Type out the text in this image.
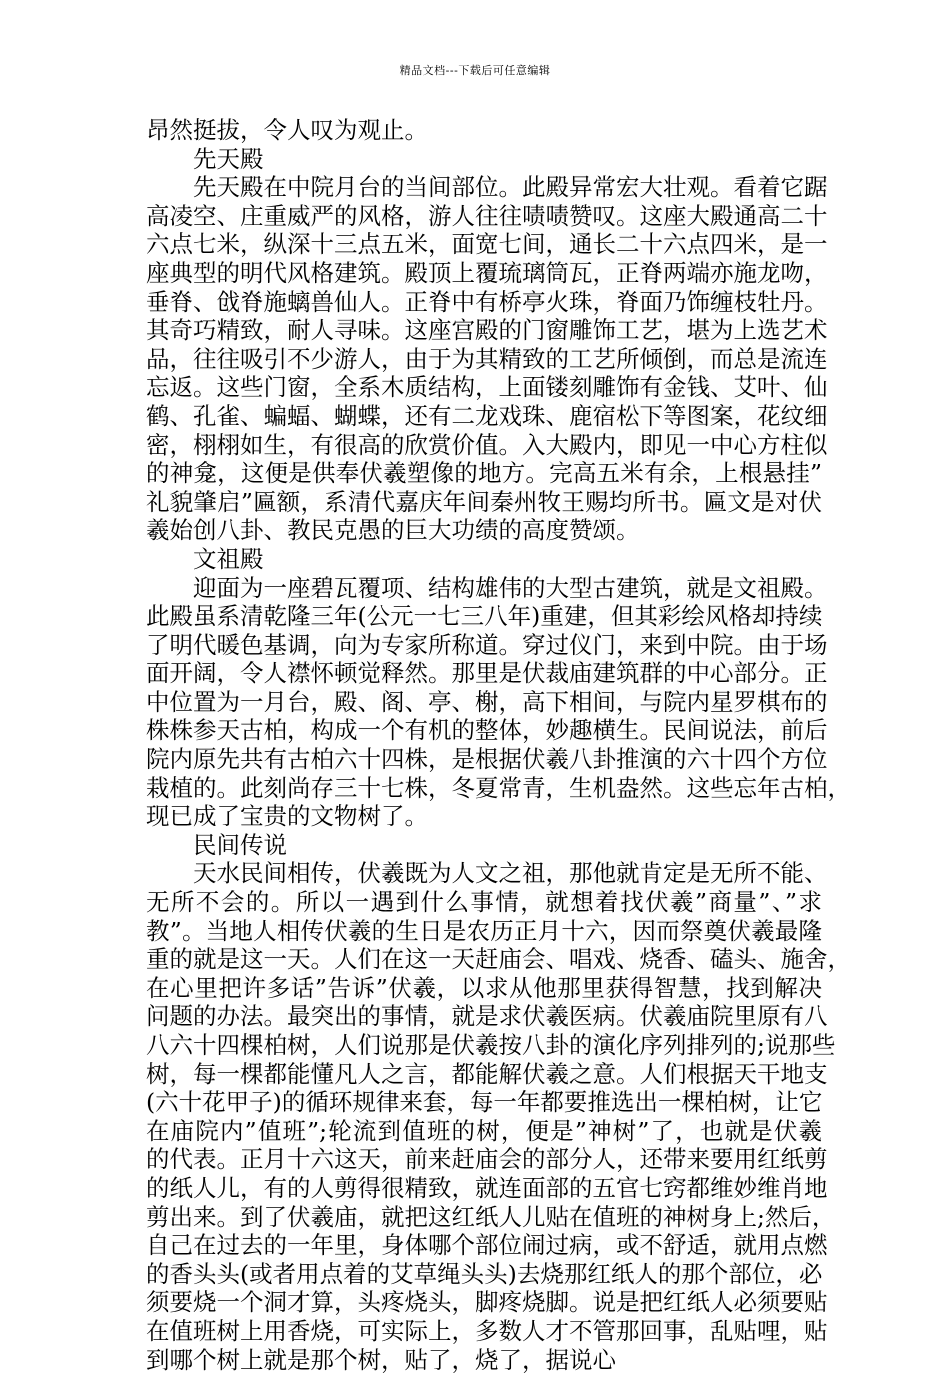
精品文档---下载后可任意编辑
昂然挺拔，令人叹为观止。
先天殿
先天殿在中院月台的当间部位。此殿异常宏大壮观。看着它踞
高凌空、庄重威严的风格，游人往往啧啧赞叹。这座大殿通高二十
六点七米，纵深十三点五米，面宽七间，通长二十六点四米，是一
座典型的明代风格建筑。殿顶上覆琉璃筒瓦，正脊两端亦施龙吻，
垂脊、戗脊施螭兽仙人。正脊中有桥亭火珠，脊面乃饰缠枝牡丹。
其奇巧精致，耐人寻味。这座宫殿的门窗雕饰工艺，堪为上选艺术
品，往往吸引不少游人，由于为其精致的工艺所倾倒，而总是流连
忘返。这些门窗，全系木质结构，上面镂刻雕饰有金钱、艾叶、仙
鹤、孔雀、蝙蝠、蝴蝶，还有二龙戏珠、鹿宿松下等图案，花纹细
密，栩栩如生，有很高的欣赏价值。入大殿内，即见一中心方柱似
的神龛，这便是供奉伏羲塑像的地方。完高五米有余，上根悬挂”
礼貌肇启”匾额，系清代嘉庆年间秦州牧王赐均所书。匾文是对伏
羲始创八卦、教民克愚的巨大功绩的高度赞颂。
文祖殿
迎面为一座碧瓦覆项、结构雄伟的大型古建筑，就是文祖殿。
此殿虽系清乾隆三年(公元一七三八年)重建，但其彩绘风格却持续
了明代暖色基调，向为专家所称道。穿过仪门，来到中院。由于场
面开阔，令人襟怀顿觉释然。那里是伏裁庙建筑群的中心部分。正
中位置为一月台，殿、阁、亭、榭，高下相间，与院内星罗棋布的
株株参天古柏，构成一个有机的整体，妙趣横生。民间说法，前后
院内原先共有古柏六十四株，是根据伏羲八卦推演的六十四个方位
栽植的。此刻尚存三十七株，冬夏常青，生机盎然。这些忘年古柏，
现已成了宝贵的文物树了。
民间传说
天水民间相传，伏羲既为人文之祖，那他就肯定是无所不能、
无所不会的。所以一遇到什么事情，就想着找伏羲”商量”、”求
教”。当地人相传伏羲的生日是农历正月十六，因而祭奠伏羲最隆
重的就是这一天。人们在这一天赶庙会、唱戏、烧香、磕头、施舍，
在心里把许多话”告诉”伏羲，以求从他那里获得智慧，找到解决
问题的办法。最突出的事情，就是求伏羲医病。伏羲庙院里原有八
八六十四棵柏树，人们说那是伏羲按八卦的演化序列排列的;说那些
树，每一棵都能懂凡人之言，都能解伏羲之意。人们根据天干地支
(六十花甲子)的循环规律来套，每一年都要推选出一棵柏树，让它
在庙院内”值班”;轮流到值班的树，便是”神树”了，也就是伏羲
的代表。正月十六这天，前来赶庙会的部分人，还带来要用红纸剪
的纸人儿，有的人剪得很精致，就连面部的五官七窍都维妙维肖地
剪出来。到了伏羲庙，就把这红纸人儿贴在值班的神树身上;然后，
自己在过去的一年里，身体哪个部位闹过病，或不舒适，就用点燃
的香头头(或者用点着的艾草绳头头)去烧那红纸人的那个部位，必
须要烧一个洞才算，头疼烧头，脚疼烧脚。说是把红纸人必须要贴
在值班树上用香烧，可实际上，多数人才不管那回事，乱贴哩，贴
到哪个树上就是那个树，贴了，烧了，据说心
